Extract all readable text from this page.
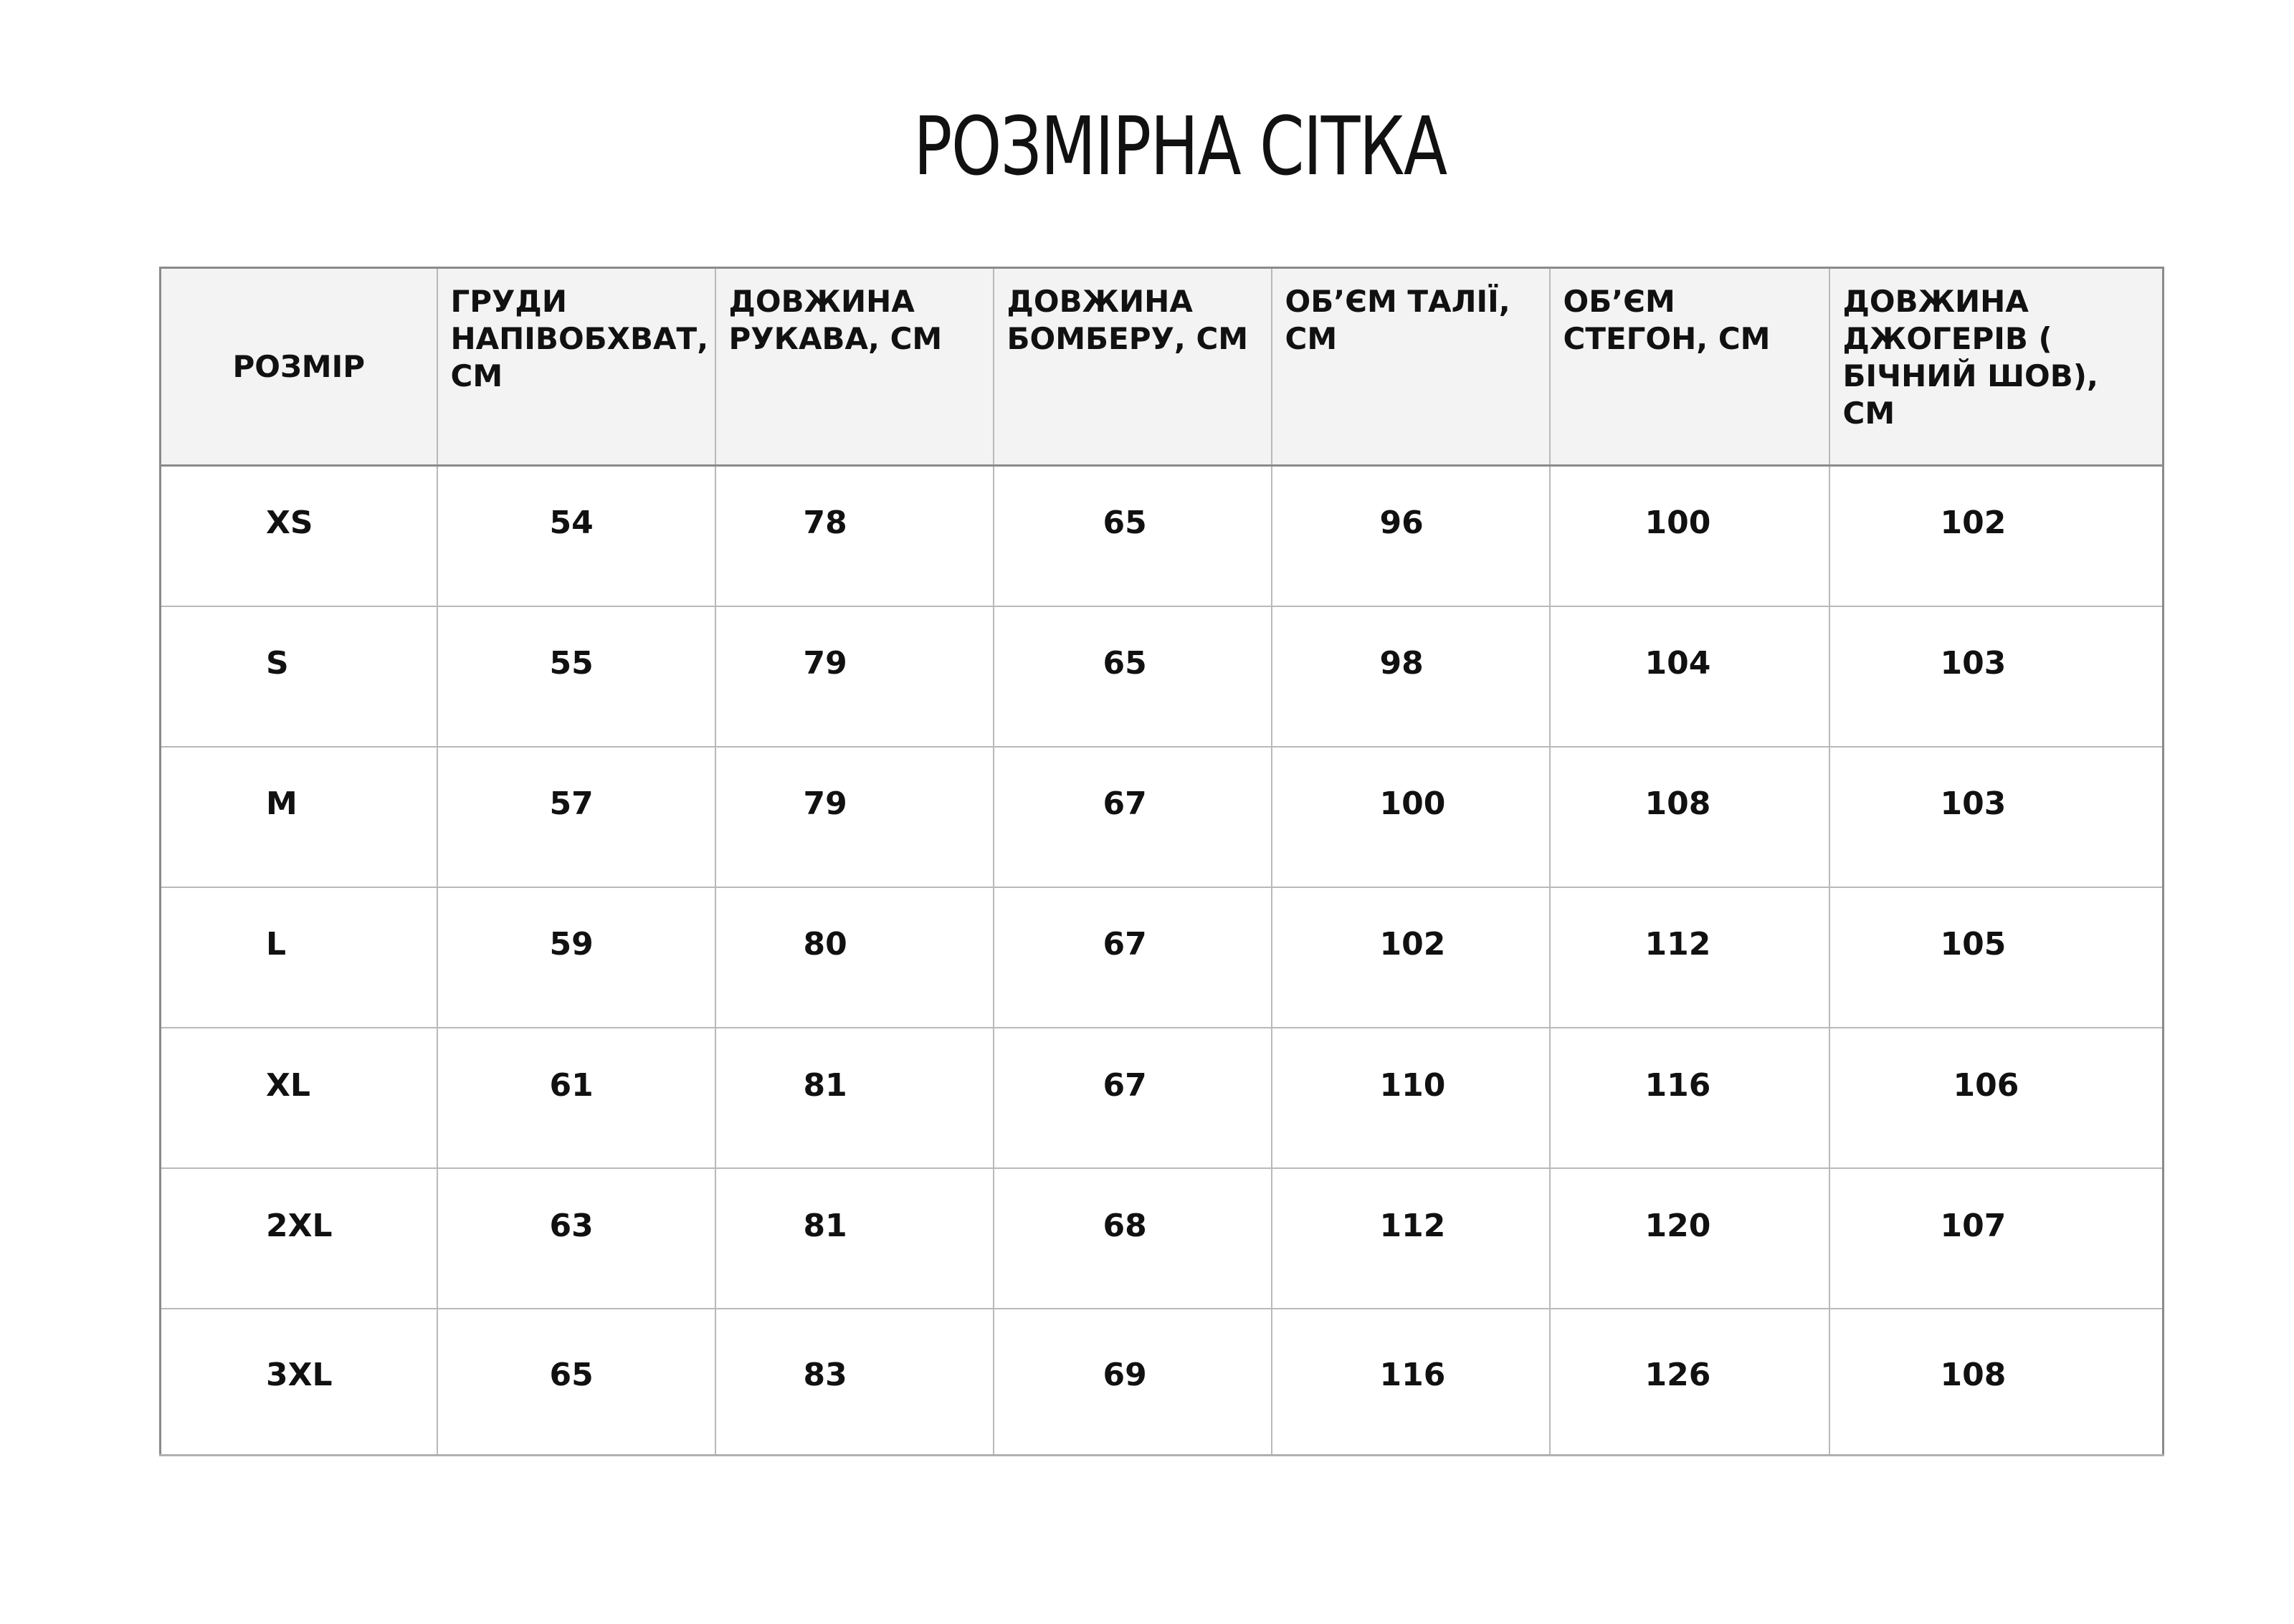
РОЗМІРНА СІТКА
РОЗМІР	ГРУДИ НАПІВОБХВАТ, СМ	ДОВЖИНА РУКАВА, СМ	ДОВЖИНА БОМБЕРУ, СМ	ОБ’ЄМ ТАЛІЇ, СМ	ОБ’ЄМ СТЕГОН, СМ	ДОВЖИНА ДЖОГЕРІВ ( БІЧНИЙ ШОВ), СМ
XS	54	78	65	96	100	102
S	55	79	65	98	104	103
M	57	79	67	100	108	103
L	59	80	67	102	112	105
XL	61	81	67	110	116	106
2XL	63	81	68	112	120	107
3XL	65	83	69	116	126	108
